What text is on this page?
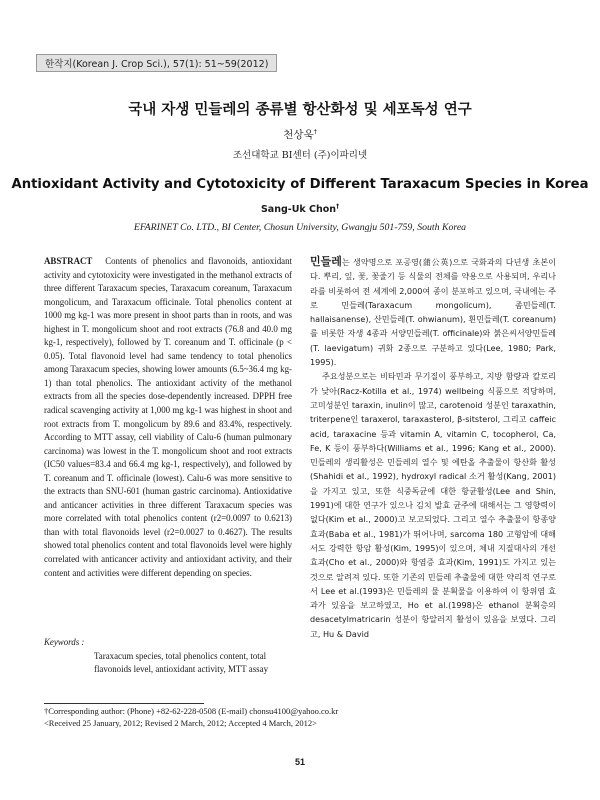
한작지(Korean J. Crop Sci.), 57(1): 51~59(2012)
국내 자생 민들레의 종류별 항산화성 및 세포독성 연구
천상욱†
조선대학교 BI센터 (주)이파리넷
Antioxidant Activity and Cytotoxicity of Different Taraxacum Species in Korea
Sang-Uk Chon†
EFARINET Co. LTD., BI Center, Chosun University, Gwangju 501-759, South Korea
ABSTRACT Contents of phenolics and flavonoids, antioxidant activity and cytotoxicity were investigated in the methanol extracts of three different Taraxacum species, Taraxacum coreanum, Taraxacum mongolicum, and Taraxacum officinale. Total phenolics content at 1000 mg kg-1 was more present in shoot parts than in roots, and was highest in T. mongolicum shoot and root extracts (76.8 and 40.0 mg kg-1, respectively), followed by T. coreanum and T. officinale (p < 0.05). Total flavonoid level had same tendency to total phenolics among Taraxacum species, showing lower amounts (6.5~36.4 mg kg-1) than total phenolics. The antioxidant activity of the methanol extracts from all the species dose-dependently increased. DPPH free radical scavenging activity at 1,000 mg kg-1 was highest in shoot and root extracts from T. mongolicum by 89.6 and 83.4%, respectively. According to MTT assay, cell viability of Calu-6 (human pulmonary carcinoma) was lowest in the T. mongolicum shoot and root extracts (IC50 values=83.4 and 66.4 mg kg-1, respectively), and followed by T. coreanum and T. officinale (lowest). Calu-6 was more sensitive to the extracts than SNU-601 (human gastric carcinoma). Antioxidative and anticancer activities in three different Taraxacum species was more correlated with total phenolics content (r2=0.0097 to 0.6213) than with total flavonoids level (r2=0.0027 to 0.4627). The results showed total phenolics content and total flavonoids level were highly correlated with anticancer activity and antioxidant activity, and their content and activities were different depending on species.
Keywords :
Taraxacum species, total phenolics content, total flavonoids level, antioxidant activity, MTT assay

민들레는 생약명으로 포공영(蒲公英)으로 국화과의 다년생 초본이다. 뿌리, 잎, 꽃, 꽃줄기 등 식물의 전체를 약용으로 사용되며, 우리나라를 비롯하여 전 세계에 2,000여 종이 분포하고 있으며, 국내에는 주로 민들레(Taraxacum mongolicum), 좀민들레(T. hallaisanense), 산민들레(T. ohwianum), 흰민들레(T. coreanum)를 비롯한 자생 4종과 서양민들레(T. officinale)와 붉은씨서양민들레(T. laevigatum) 귀화 2종으로 구분하고 있다(Lee, 1980; Park, 1995).

주요성분으로는 비타민과 무기질이 풍부하고, 지방 함량과 칼로리가 낮아(Racz-Kotilla et al., 1974) wellbeing 식품으로 적당하며, 고미성분인 taraxin, inulin이 많고, carotenoid 성분인 taraxathin, triterpene인 taraxerol, taraxasterol, β-sitsterol, 그리고 caffeic acid, taraxacine 등과 vitamin A, vitamin C, tocopherol, Ca, Fe, K 등이 풍부하다(Williams et al., 1996; Kang et al., 2000). 민들레의 생리활성은 민들레의 열수 및 에탄올 추출물이 항산화 활성(Shahidi et al., 1992), hydroxyl radical 소거 활성(Kang, 2001)을 가지고 있고, 또한 식중독균에 대한 항균활성(Lee and Shin, 1991)에 대한 연구가 있으나 김치 발효 균주에 대해서는 그 영향력이 없다(Kim et al., 2000)고 보고되었다. 그리고 열수 추출물이 항종양 효과(Baba et al., 1981)가 뛰어나며, sarcoma 180 고형암에 대해서도 강력한 항암 활성(Kim, 1995)이 있으며, 체내 지질대사의 개선효과(Cho et al., 2000)와 항염증 효과(Kim, 1991)도 가지고 있는 것으로 알려져 있다. 또한 기존의 민들레 추출물에 대한 약리적 연구로서 Lee et al.(1993)은 민들레의 물 분획물을 이용하여 이 항위염 효과가 있음을 보고하였고, Ho et al.(1998)은 ethanol 분획층의 desacetylmatricarin 성분이 항알러지 활성이 있음을 보였다. 그리고, Hu & David

†Corresponding author: (Phone) +82-62-228-0508 (E-mail) chonsu4100@yahoo.co.kr
<Received 25 January, 2012; Revised 2 March, 2012; Accepted 4 March, 2012>
51
